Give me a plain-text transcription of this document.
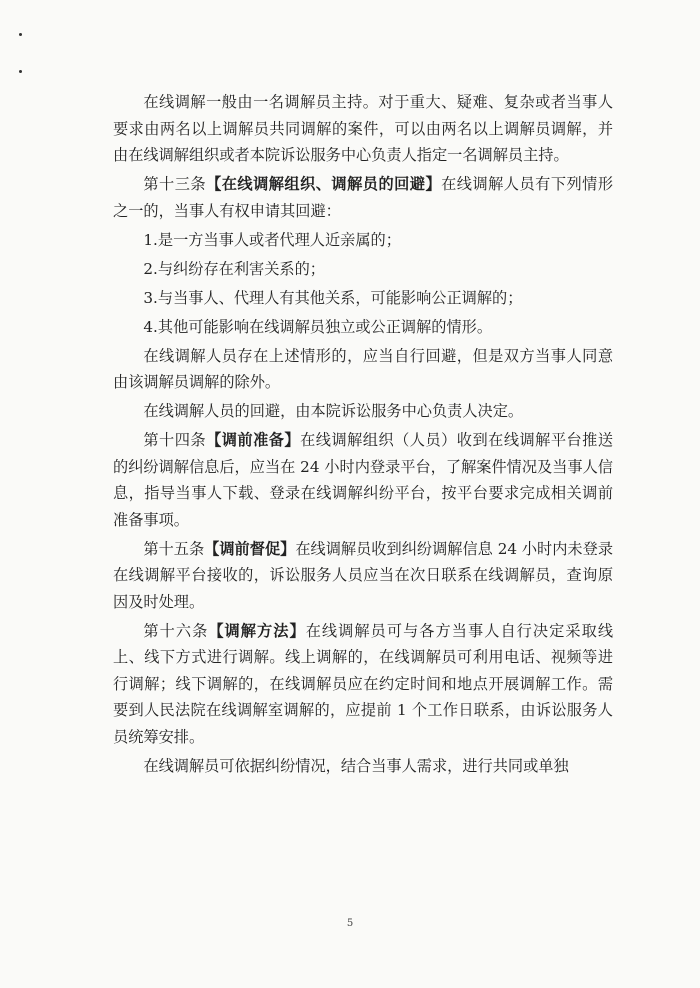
在线调解一般由一名调解员主持。对于重大、疑难、复杂或者当事人要求由两名以上调解员共同调解的案件，可以由两名以上调解员调解，并由在线调解组织或者本院诉讼服务中心负责人指定一名调解员主持。

第十三条【在线调解组织、调解员的回避】在线调解人员有下列情形之一的，当事人有权申请其回避：

1.是一方当事人或者代理人近亲属的；

2.与纠纷存在利害关系的；

3.与当事人、代理人有其他关系，可能影响公正调解的；

4.其他可能影响在线调解员独立或公正调解的情形。

在线调解人员存在上述情形的，应当自行回避，但是双方当事人同意由该调解员调解的除外。

在线调解人员的回避，由本院诉讼服务中心负责人决定。

第十四条【调前准备】在线调解组织（人员）收到在线调解平台推送的纠纷调解信息后，应当在 24 小时内登录平台，了解案件情况及当事人信息，指导当事人下载、登录在线调解纠纷平台，按平台要求完成相关调前准备事项。

第十五条【调前督促】在线调解员收到纠纷调解信息 24 小时内未登录在线调解平台接收的，诉讼服务人员应当在次日联系在线调解员，查询原因及时处理。

第十六条【调解方法】在线调解员可与各方当事人自行决定采取线上、线下方式进行调解。线上调解的，在线调解员可利用电话、视频等进行调解；线下调解的，在线调解员应在约定时间和地点开展调解工作。需要到人民法院在线调解室调解的，应提前 1 个工作日联系，由诉讼服务人员统筹安排。

在线调解员可依据纠纷情况，结合当事人需求，进行共同或单独

5
